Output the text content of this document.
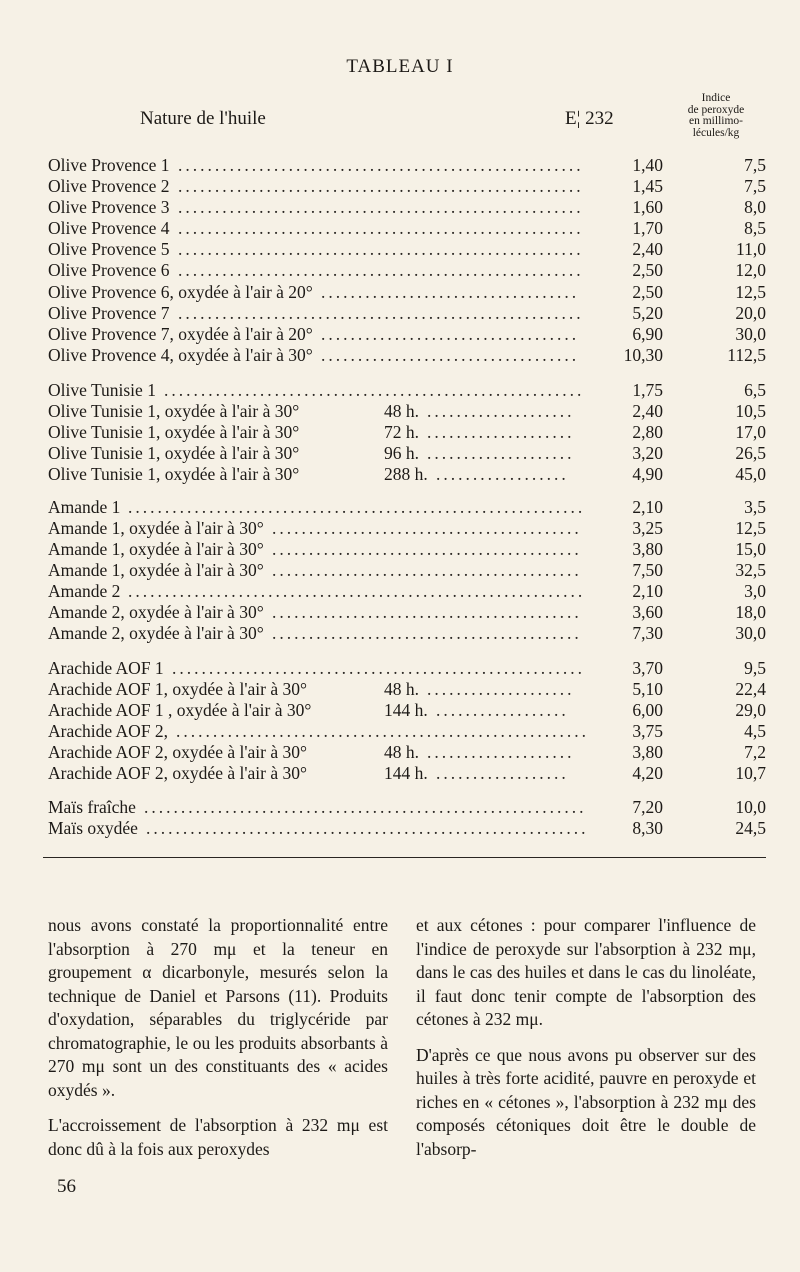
TABLEAU I
Nature de l'huile	E¦ 232
Indice
de peroxyde
en millimo-
lécules/kg
Olive Provence 1 .......................................................	1,40	7,5
Olive Provence 2 .......................................................	1,45	7,5
Olive Provence 3 .......................................................	1,60	8,0
Olive Provence 4 .......................................................	1,70	8,5
Olive Provence 5 .......................................................	2,40	11,0
Olive Provence 6 .......................................................	2,50	12,0
Olive Provence 6, oxydée à l'air à 20° ...................................	2,50	12,5
Olive Provence 7 .......................................................	5,20	20,0
Olive Provence 7, oxydée à l'air à 20° ...................................	6,90	30,0
Olive Provence 4, oxydée à l'air à 30° ...................................	10,30	112,5
Olive Tunisie 1 .........................................................	1,75	6,5
Olive Tunisie 1, oxydée à l'air à 30°	48 h. ....................	2,40	10,5
Olive Tunisie 1, oxydée à l'air à 30°	72 h. ....................	2,80	17,0
Olive Tunisie 1, oxydée à l'air à 30°	96 h. ....................	3,20	26,5
Olive Tunisie 1, oxydée à l'air à 30°	288 h. ..................	4,90	45,0
Amande 1 ..............................................................	2,10	3,5
Amande 1, oxydée à l'air à 30° ..........................................	3,25	12,5
Amande 1, oxydée à l'air à 30° ..........................................	3,80	15,0
Amande 1, oxydée à l'air à 30° ..........................................	7,50	32,5
Amande 2 ..............................................................	2,10	3,0
Amande 2, oxydée à l'air à 30° ..........................................	3,60	18,0
Amande 2, oxydée à l'air à 30° ..........................................	7,30	30,0
Arachide AOF 1 ........................................................	3,70	9,5
Arachide AOF 1, oxydée à l'air à 30°	48 h. ....................	5,10	22,4
Arachide AOF 1 , oxydée à l'air à 30°	144 h. ..................	6,00	29,0
Arachide AOF 2, ........................................................	3,75	4,5
Arachide AOF 2, oxydée à l'air à 30°	48 h. ....................	3,80	7,2
Arachide AOF 2, oxydée à l'air à 30°	144 h. ..................	4,20	10,7
Maïs fraîche ............................................................	7,20	10,0
Maïs oxydée ............................................................	8,30	24,5

nous avons constaté la proportionnalité entre l'absorption à 270 mμ et la teneur en groupement α dicarbonyle, mesurés selon la technique de Daniel et Parsons (11). Produits d'oxydation, séparables du triglycéride par chromatographie, le ou les produits absorbants à 270 mμ sont un des constituants des « acides oxydés ».

L'accroissement de l'absorption à 232 mμ est donc dû à la fois aux peroxydes

et aux cétones : pour comparer l'influence de l'indice de peroxyde sur l'absorption à 232 mμ, dans le cas des huiles et dans le cas du linoléate, il faut donc tenir compte de l'absorption des cétones à 232 mμ.

D'après ce que nous avons pu observer sur des huiles à très forte acidité, pauvre en peroxyde et riches en « cétones », l'absorption à 232 mμ des composés cétoniques doit être le double de l'absorp-

56
